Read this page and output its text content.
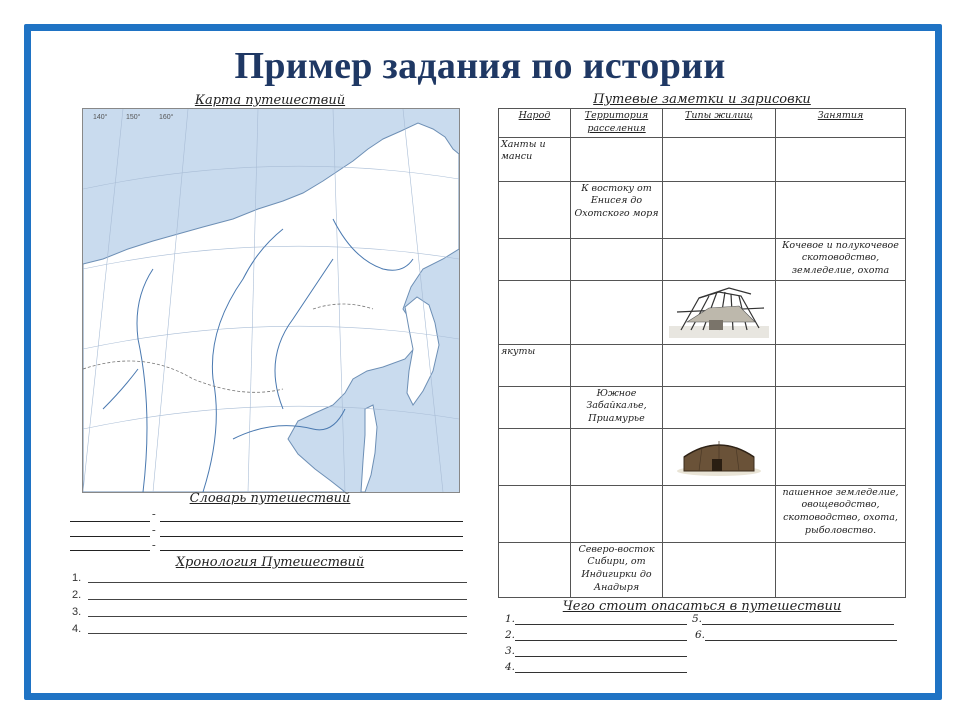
Пример задания по истории
Карта путешествий
140°	150°	160°
Словарь путешествий
-
-
-
Хронология Путешествий
1.
2.
3.
4.
Путевые заметки и зарисовки
Народ	Территория расселения	Типы жилищ	Занятия
Ханты и манси			
	К востоку от Енисея до Охотского моря		
			Кочевое и полукочевое скотоводство, земледелие, охота

якуты			
	Южное Забайкалье, Приамурье		

			пашенное земледелие, овощеводство, скотоводство, охота, рыболовство.
	Северо-восток Сибири, от Индигирки до Анадыря		
Чего стоит опасаться в путешествии
1.	5.
2.	6.
3.
4.
